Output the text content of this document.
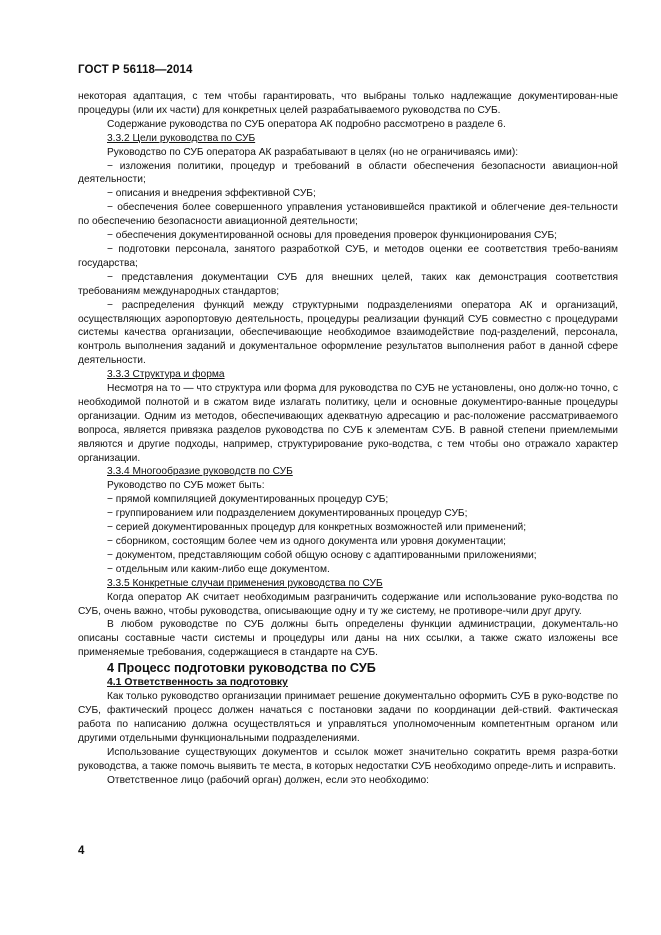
ГОСТ Р 56118—2014

некоторая адаптация, с тем чтобы гарантировать, что выбраны только надлежащие документирован-ные процедуры (или их части) для конкретных целей разрабатываемого руководства по СУБ.

Содержание руководства по СУБ оператора АК подробно рассмотрено в разделе 6.

3.3.2 Цели руководства по СУБ

Руководство по СУБ оператора АК разрабатывают в целях (но не ограничиваясь ими):

− изложения политики, процедур и требований в области обеспечения безопасности авиацион-ной деятельности;

− описания и внедрения эффективной СУБ;

− обеспечения более совершенного управления установившейся практикой и облегчение дея-тельности по обеспечению безопасности авиационной деятельности;

− обеспечения документированной основы для проведения проверок функционирования СУБ;

− подготовки персонала, занятого разработкой СУБ, и методов оценки ее соответствия требо-ваниям государства;

− представления документации СУБ для внешних целей, таких как демонстрация соответствия требованиям международных стандартов;

− распределения функций между структурными подразделениями оператора АК и организаций, осуществляющих аэропортовую деятельность, процедуры реализации функций СУБ совместно с процедурами системы качества организации, обеспечивающие необходимое взаимодействие под-разделений, персонала, контроль выполнения заданий и документальное оформление результатов выполнения работ в данной сфере деятельности.

3.3.3 Структура и форма

Несмотря на то — что структура или форма для руководства по СУБ не установлены, оно долж-но точно, с необходимой полнотой и в сжатом виде излагать политику, цели и основные документиро-ванные процедуры организации. Одним из методов, обеспечивающих адекватную адресацию и рас-положение рассматриваемого вопроса, является привязка разделов руководства по СУБ к элементам СУБ. В равной степени приемлемыми являются и другие подходы, например, структурирование руко-водства, с тем чтобы оно отражало характер организации.

3.3.4 Многообразие руководств по СУБ

Руководство по СУБ может быть:

− прямой компиляцией документированных процедур СУБ;

− группированием или подразделением документированных процедур СУБ;

− серией документированных процедур для конкретных возможностей или применений;

− сборником, состоящим более чем из одного документа или уровня документации;

− документом, представляющим собой общую основу с адаптированными приложениями;

− отдельным или каким-либо еще документом.

3.3.5 Конкретные случаи применения руководства по СУБ

Когда оператор АК считает необходимым разграничить содержание или использование руко-водства по СУБ, очень важно, чтобы руководства, описывающие одну и ту же систему, не противоре-чили друг другу.

В любом руководстве по СУБ должны быть определены функции администрации, документаль-но описаны составные части системы и процедуры или даны на них ссылки, а также сжато изложены все применяемые требования, содержащиеся в стандарте на СУБ.

4 Процесс подготовки руководства по СУБ

4.1 Ответственность за подготовку

Как только руководство организации принимает решение документально оформить СУБ в руко-водстве по СУБ, фактический процесс должен начаться с постановки задачи по координации дей-ствий. Фактическая работа по написанию должна осуществляться и управляться уполномоченным компетентным органом или другими отдельными функциональными подразделениями.

Использование существующих документов и ссылок может значительно сократить время разра-ботки руководства, а также помочь выявить те места, в которых недостатки СУБ необходимо опреде-лить и исправить.

Ответственное лицо (рабочий орган) должен, если это необходимо:

4
